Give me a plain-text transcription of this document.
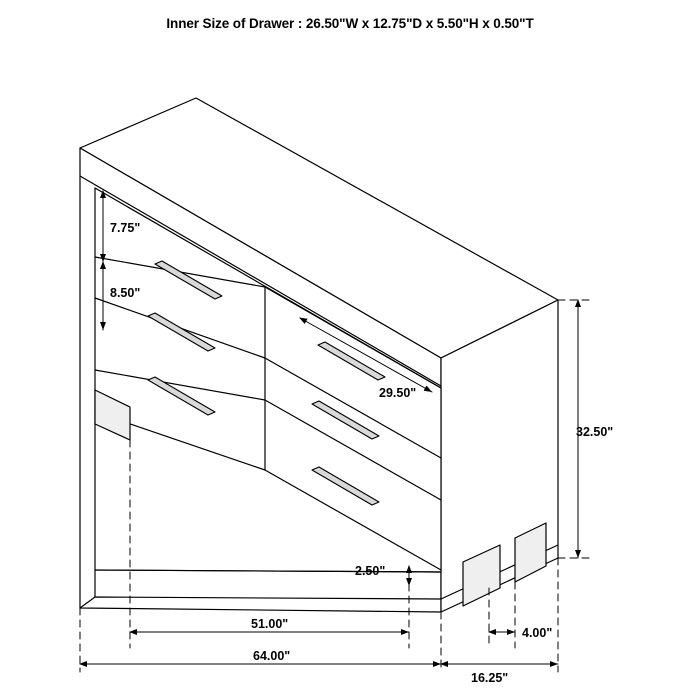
Inner Size of Drawer : 26.50"W x 12.75"D x 5.50"H x 0.50"T
7.75"
8.50"
29.50"
32.50"
2.50"
51.00"
4.00"
64.00"
16.25"
